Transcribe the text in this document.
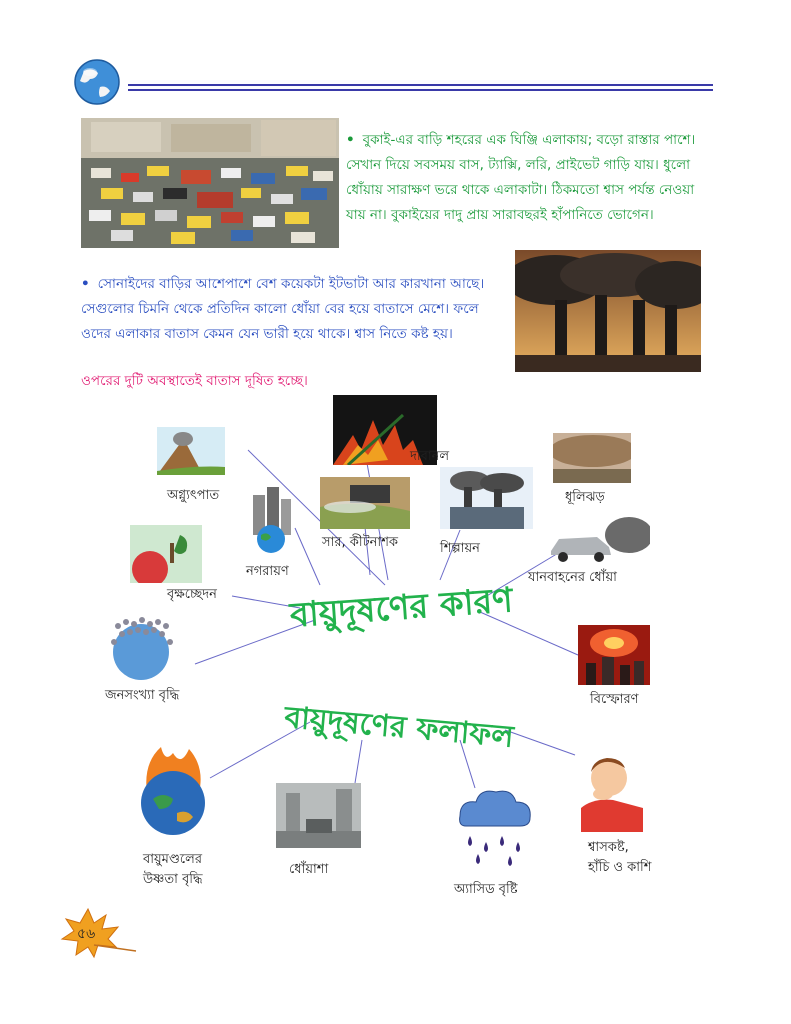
• বুকাই-এর বাড়ি শহরের এক ঘিঞ্জি এলাকায়; বড়ো রাস্তার পাশে। সেখান দিয়ে সবসময় বাস, ট্যাক্সি, লরি, প্রাইভেট গাড়ি যায়। ধুলো ধোঁয়ায় সারাক্ষণ ভরে থাকে এলাকাটা। ঠিকমতো শ্বাস পর্যন্ত নেওয়া যায় না। বুকাইয়ের দাদু প্রায় সারাবছরই হাঁপানিতে ভোগেন।
• সোনাইদের বাড়ির আশেপাশে বেশ কয়েকটা ইটভাটা আর কারখানা আছে। সেগুলোর চিমনি থেকে প্রতিদিন কালো ধোঁয়া বের হয়ে বাতাসে মেশে। ফলে ওদের এলাকার বাতাস কেমন যেন ভারী হয়ে থাকে। শ্বাস নিতে কষ্ট হয়।
ওপরের দুটি অবস্থাতেই বাতাস দূষিত হচ্ছে।
বায়ুদূষণের কারণ
বায়ুদূষণের ফলাফল
অগ্ন্যুৎপাত
দাবানল
ধূলিঝড়
নগরায়ণ
সার, কীটনাশক	শিল্পায়ন
যানবাহনের ধোঁয়া
বৃক্ষচ্ছেদন
জনসংখ্যা বৃদ্ধি	বিস্ফোরণ
বায়ুমণ্ডলের
উষ্ণতা বৃদ্ধি
ধোঁয়াশা
অ্যাসিড বৃষ্টি
শ্বাসকষ্ট,
হাঁচি ও কাশি
৫৬
